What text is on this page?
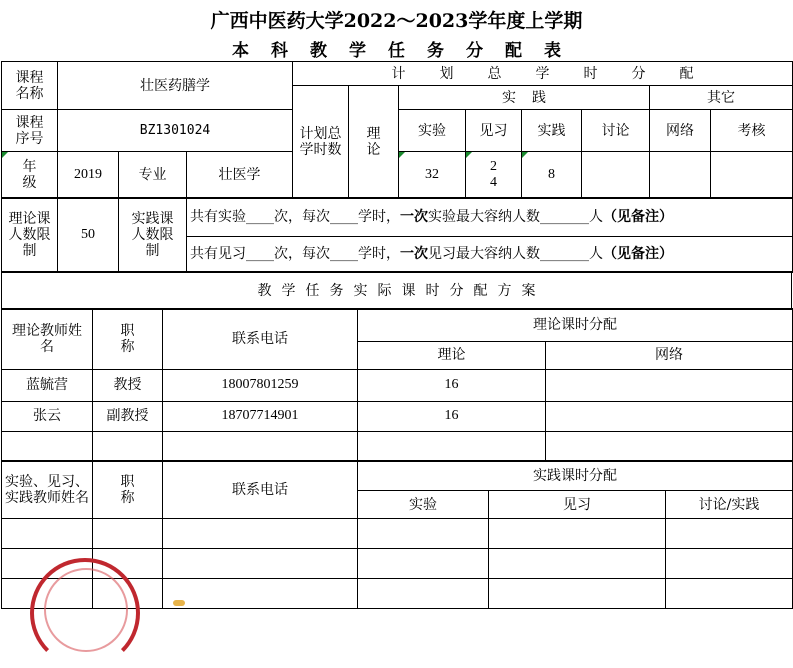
广西中医药大学2022～2023学年度上学期
本科教学任务分配表
课程名称	壮医药膳学			计划总学时分配								
				计划总学时数	理论	实践				其它		
课程序号	BZ1301024					实验	见习	实践	讨论	网络	考核	
年级	2019	专业	壮医学			32	24	8					
理论课人数限制	50	实践课人数限制	共有实验____次，每次____学时，一次实验最大容纳人数_______人（见备注）
共有见习____次，每次____学时，一次见习最大容纳人数_______人（见备注）
教学任务实际课时分配方案
理论教师姓名	职称	联系电话	理论课时分配	
			理论	网络
蓝毓营	教授	18007801259	16	
张云	副教授	18707714901	16	

实验、见习、实践教师姓名	职称	联系电话	实践课时分配		
			实验	见习	讨论/实践
